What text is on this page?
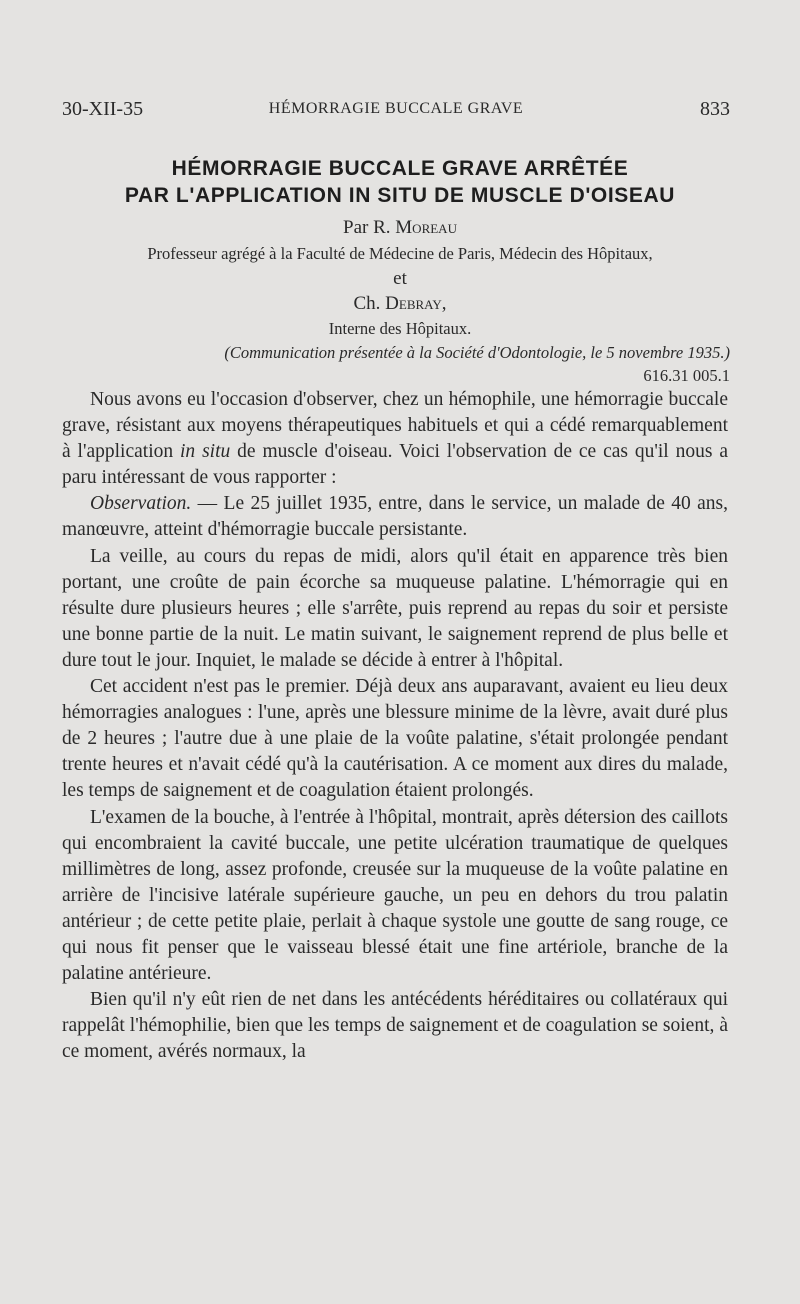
30-XII-35	HÉMORRAGIE BUCCALE GRAVE	833
HÉMORRAGIE BUCCALE GRAVE ARRÊTÉE
PAR L'APPLICATION IN SITU DE MUSCLE D'OISEAU
Par R. Moreau
Professeur agrégé à la Faculté de Médecine de Paris, Médecin des Hôpitaux,
et
Ch. Debray,
Interne des Hôpitaux.
(Communication présentée à la Société d'Odontologie, le 5 novembre 1935.)
616.31 005.1

Nous avons eu l'occasion d'observer, chez un hémophile, une hémorragie buccale grave, résistant aux moyens thérapeutiques habituels et qui a cédé remarquablement à l'application in situ de muscle d'oiseau. Voici l'observation de ce cas qu'il nous a paru intéressant de vous rapporter :

Observation. — Le 25 juillet 1935, entre, dans le service, un malade de 40 ans, manœuvre, atteint d'hémorragie buccale persistante.

La veille, au cours du repas de midi, alors qu'il était en apparence très bien portant, une croûte de pain écorche sa muqueuse palatine. L'hémorragie qui en résulte dure plusieurs heures ; elle s'arrête, puis reprend au repas du soir et persiste une bonne partie de la nuit. Le matin suivant, le saignement reprend de plus belle et dure tout le jour. Inquiet, le malade se décide à entrer à l'hôpital.

Cet accident n'est pas le premier. Déjà deux ans auparavant, avaient eu lieu deux hémorragies analogues : l'une, après une blessure minime de la lèvre, avait duré plus de 2 heures ; l'autre due à une plaie de la voûte palatine, s'était prolongée pendant trente heures et n'avait cédé qu'à la cautérisation. A ce moment aux dires du malade, les temps de saignement et de coagulation étaient prolongés.

L'examen de la bouche, à l'entrée à l'hôpital, montrait, après détersion des caillots qui encombraient la cavité buccale, une petite ulcération traumatique de quelques millimètres de long, assez profonde, creusée sur la muqueuse de la voûte palatine en arrière de l'incisive latérale supérieure gauche, un peu en dehors du trou palatin antérieur ; de cette petite plaie, perlait à chaque systole une goutte de sang rouge, ce qui nous fit penser que le vaisseau blessé était une fine artériole, branche de la palatine antérieure.

Bien qu'il n'y eût rien de net dans les antécédents héréditaires ou collatéraux qui rappelât l'hémophilie, bien que les temps de saignement et de coagulation se soient, à ce moment, avérés normaux, la
